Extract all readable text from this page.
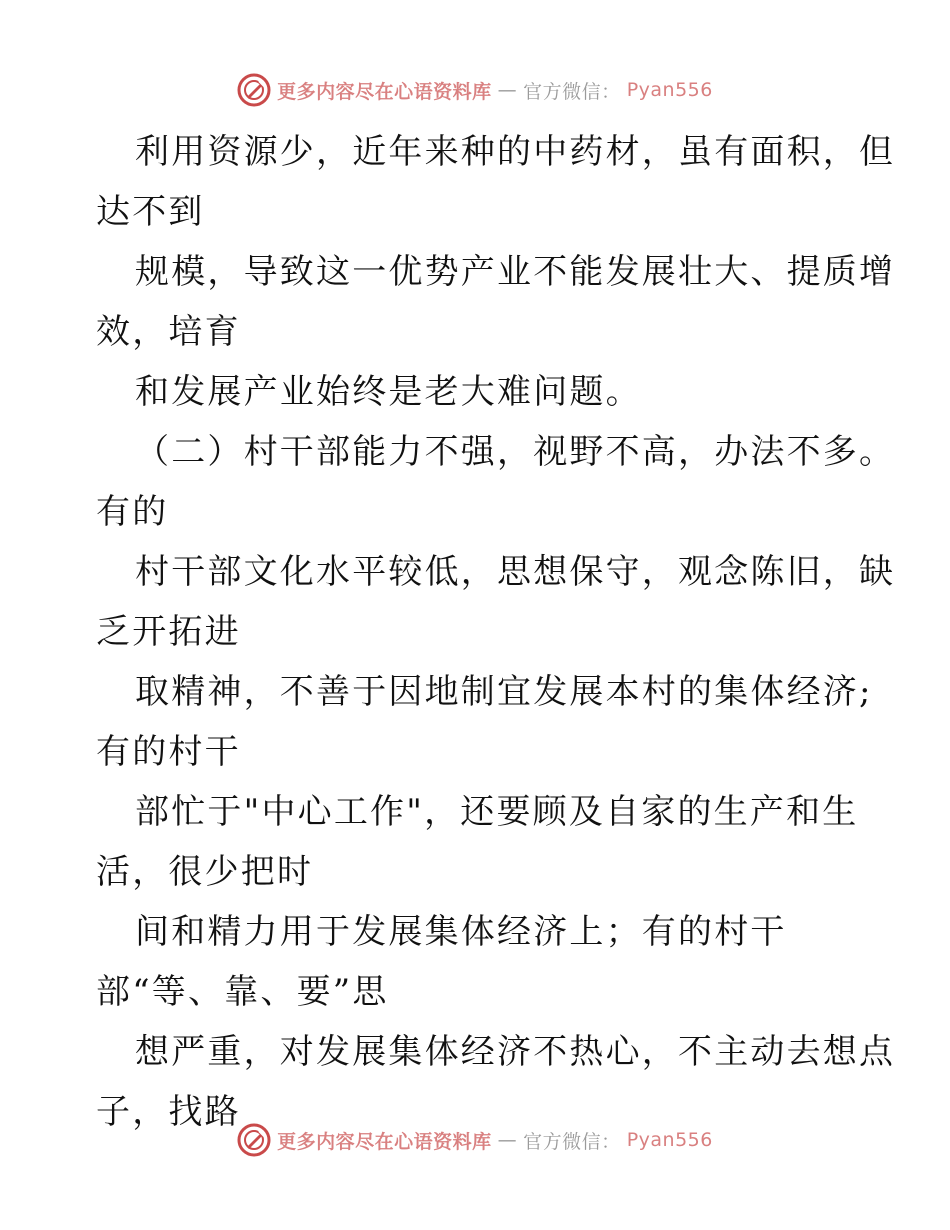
更多内容尽在心语资料库 — 官方微信： Pyan556
利用资源少，近年来种的中药材，虽有面积，但
达不到
规模，导致这一优势产业不能发展壮大、提质增
效，培育
和发展产业始终是老大难问题。
（二）村干部能力不强，视野不高，办法不多。
有的
村干部文化水平较低，思想保守，观念陈旧，缺
乏开拓进
取精神，不善于因地制宜发展本村的集体经济;
有的村干
部忙于"中心工作"，还要顾及自家的生产和生
活，很少把时
间和精力用于发展集体经济上；有的村干
部“等、靠、要”思
想严重，对发展集体经济不热心，不主动去想点
子，找路
更多内容尽在心语资料库 — 官方微信： Pyan556
